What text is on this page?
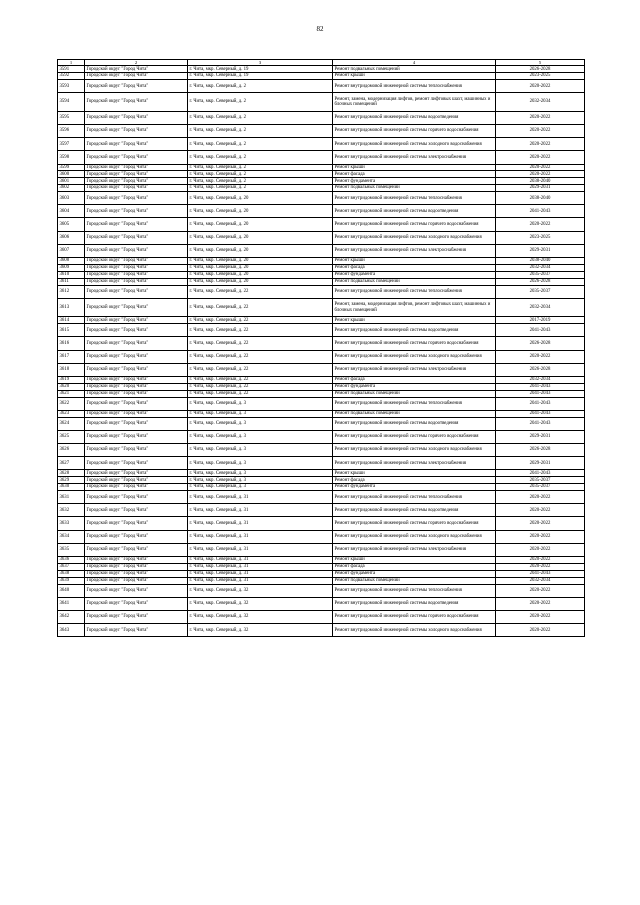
82
1	2	3	4	5
3591	Городской округ "Город Чита"	г. Чита, мкр. Северный, д. 19	Ремонт подвальных помещений	2026-2028
3592	Городской округ "Город Чита"	г. Чита, мкр. Северный, д. 19	Ремонт крыши	2023-2025
3593	Городской округ "Город Чита"	г. Чита, мкр. Северный, д. 2	Ремонт внутридомовой инженерной системы теплоснабжения	2020-2022
3594	Городской округ "Город Чита"	г. Чита, мкр. Северный, д. 2	Ремонт, замена, модернизация лифтов, ремонт лифтовых шахт, машинных и блочных помещений	2032-2034
3595	Городской округ "Город Чита"	г. Чита, мкр. Северный, д. 2	Ремонт внутридомовой инженерной системы водоотведения	2020-2022
3596	Городской округ "Город Чита"	г. Чита, мкр. Северный, д. 2	Ремонт внутридомовой инженерной системы горячего водоснабжения	2020-2022
3597	Городской округ "Город Чита"	г. Чита, мкр. Северный, д. 2	Ремонт внутридомовой инженерной системы холодного водоснабжения	2020-2022
3598	Городской округ "Город Чита"	г. Чита, мкр. Северный, д. 2	Ремонт внутридомовой инженерной системы электроснабжения	2020-2022
3599	Городской округ "Город Чита"	г. Чита, мкр. Северный, д. 2	Ремонт крыши	2020-2022
3600	Городской округ "Город Чита"	г. Чита, мкр. Северный, д. 2	Ремонт фасада	2020-2022
3601	Городской округ "Город Чита"	г. Чита, мкр. Северный, д. 2	Ремонт фундамента	2038-2040
3602	Городской округ "Город Чита"	г. Чита, мкр. Северный, д. 2	Ремонт подвальных помещений	2029-2031
3603	Городской округ "Город Чита"	г. Чита, мкр. Северный, д. 20	Ремонт внутридомовой инженерной системы теплоснабжения	2038-2040
3604	Городской округ "Город Чита"	г. Чита, мкр. Северный, д. 20	Ремонт внутридомовой инженерной системы водоотведения	2041-2043
3605	Городской округ "Город Чита"	г. Чита, мкр. Северный, д. 20	Ремонт внутридомовой инженерной системы горячего водоснабжения	2020-2022
3606	Городской округ "Город Чита"	г. Чита, мкр. Северный, д. 20	Ремонт внутридомовой инженерной системы холодного водоснабжения	2023-2025
3607	Городской округ "Город Чита"	г. Чита, мкр. Северный, д. 20	Ремонт внутридомовой инженерной системы электроснабжения	2029-2031
3608	Городской округ "Город Чита"	г. Чита, мкр. Северный, д. 20	Ремонт крыши	2038-2040
3609	Городской округ "Город Чита"	г. Чита, мкр. Северный, д. 20	Ремонт фасада	2032-2034
3610	Городской округ "Город Чита"	г. Чита, мкр. Северный, д. 20	Ремонт фундамента	2035-2037
3611	Городской округ "Город Чита"	г. Чита, мкр. Северный, д. 20	Ремонт подвальных помещений	2026-2028
3612	Городской округ "Город Чита"	г. Чита, мкр. Северный, д. 22	Ремонт внутридомовой инженерной системы теплоснабжения	2035-2037
3613	Городской округ "Город Чита"	г. Чита, мкр. Северный, д. 22	Ремонт, замена, модернизация лифтов, ремонт лифтовых шахт, машинных и блочных помещений	2032-2034
3614	Городской округ "Город Чита"	г. Чита, мкр. Северный, д. 22	Ремонт крыши	2017-2019
3615	Городской округ "Город Чита"	г. Чита, мкр. Северный, д. 22	Ремонт внутридомовой инженерной системы водоотведения	2041-2043
3616	Городской округ "Город Чита"	г. Чита, мкр. Северный, д. 22	Ремонт внутридомовой инженерной системы горячего водоснабжения	2026-2028
3617	Городской округ "Город Чита"	г. Чита, мкр. Северный, д. 22	Ремонт внутридомовой инженерной системы холодного водоснабжения	2020-2022
3618	Городской округ "Город Чита"	г. Чита, мкр. Северный, д. 22	Ремонт внутридомовой инженерной системы электроснабжения	2026-2028
3619	Городской округ "Город Чита"	г. Чита, мкр. Северный, д. 22	Ремонт фасада	2032-2034
3620	Городской округ "Город Чита"	г. Чита, мкр. Северный, д. 22	Ремонт фундамента	2041-2043
3621	Городской округ "Город Чита"	г. Чита, мкр. Северный, д. 22	Ремонт подвальных помещений	2041-2043
3622	Городской округ "Город Чита"	г. Чита, мкр. Северный, д. 3	Ремонт внутридомовой инженерной системы теплоснабжения	2041-2043
3623	Городской округ "Город Чита"	г. Чита, мкр. Северный, д. 3	Ремонт подвальных помещений	2041-2043
3624	Городской округ "Город Чита"	г. Чита, мкр. Северный, д. 3	Ремонт внутридомовой инженерной системы водоотведения	2041-2043
3625	Городской округ "Город Чита"	г. Чита, мкр. Северный, д. 3	Ремонт внутридомовой инженерной системы горячего водоснабжения	2029-2031
3626	Городской округ "Город Чита"	г. Чита, мкр. Северный, д. 3	Ремонт внутридомовой инженерной системы холодного водоснабжения	2026-2028
3627	Городской округ "Город Чита"	г. Чита, мкр. Северный, д. 3	Ремонт внутридомовой инженерной системы электроснабжения	2029-2031
3628	Городской округ "Город Чита"	г. Чита, мкр. Северный, д. 3	Ремонт крыши	2041-2043
3629	Городской округ "Город Чита"	г. Чита, мкр. Северный, д. 3	Ремонт фасада	2035-2037
3630	Городской округ "Город Чита"	г. Чита, мкр. Северный, д. 3	Ремонт фундамента	2035-2037
3631	Городской округ "Город Чита"	г. Чита, мкр. Северный, д. 31	Ремонт внутридомовой инженерной системы теплоснабжения	2020-2022
3632	Городской округ "Город Чита"	г. Чита, мкр. Северный, д. 31	Ремонт внутридомовой инженерной системы водоотведения	2020-2022
3633	Городской округ "Город Чита"	г. Чита, мкр. Северный, д. 31	Ремонт внутридомовой инженерной системы горячего водоснабжения	2020-2022
3634	Городской округ "Город Чита"	г. Чита, мкр. Северный, д. 31	Ремонт внутридомовой инженерной системы холодного водоснабжения	2020-2022
3635	Городской округ "Город Чита"	г. Чита, мкр. Северный, д. 31	Ремонт внутридомовой инженерной системы электроснабжения	2020-2022
3636	Городской округ "Город Чита"	г. Чита, мкр. Северный, д. 31	Ремонт крыши	2020-2022
3637	Городской округ "Город Чита"	г. Чита, мкр. Северный, д. 31	Ремонт фасада	2020-2022
3638	Городской округ "Город Чита"	г. Чита, мкр. Северный, д. 31	Ремонт фундамента	2041-2043
3639	Городской округ "Город Чита"	г. Чита, мкр. Северный, д. 31	Ремонт подвальных помещений	2032-2034
3640	Городской округ "Город Чита"	г. Чита, мкр. Северный, д. 32	Ремонт внутридомовой инженерной системы теплоснабжения	2020-2022
3641	Городской округ "Город Чита"	г. Чита, мкр. Северный, д. 32	Ремонт внутридомовой инженерной системы водоотведения	2020-2022
3642	Городской округ "Город Чита"	г. Чита, мкр. Северный, д. 32	Ремонт внутридомовой инженерной системы горячего водоснабжения	2020-2022
3643	Городской округ "Город Чита"	г. Чита, мкр. Северный, д. 32	Ремонт внутридомовой инженерной системы холодного водоснабжения	2020-2022
